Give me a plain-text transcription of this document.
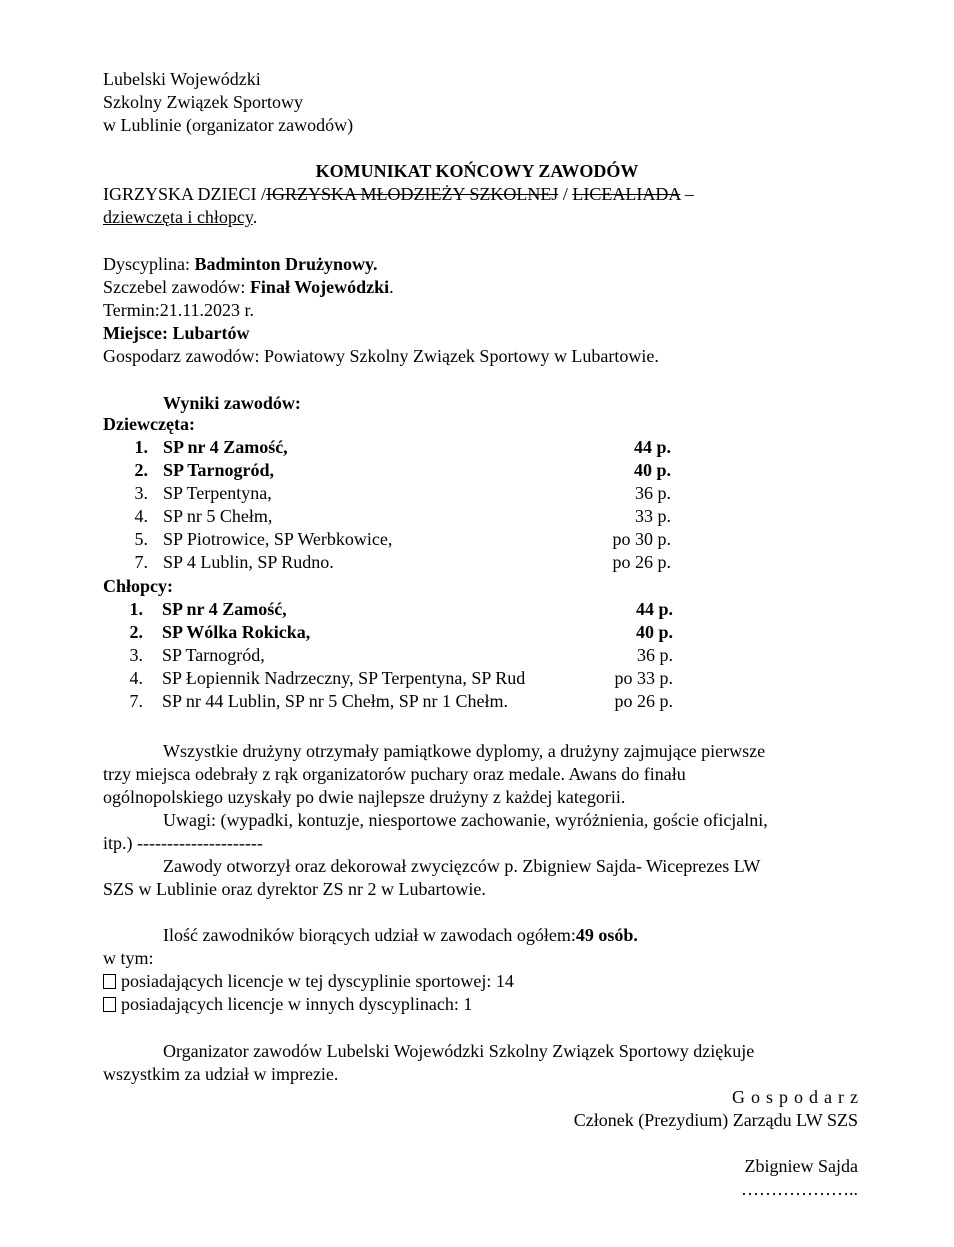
Lubelski Wojewódzki
Szkolny Związek Sportowy
w Lublinie (organizator zawodów)
KOMUNIKAT KOŃCOWY ZAWODÓW
IGRZYSKA DZIECI /IGRZYSKA MŁODZIEŻY SZKOLNEJ / LICEALIADA –
dziewczęta i chłopcy.
Dyscyplina: Badminton Drużynowy.
Szczebel zawodów: Finał Wojewódzki.
Termin:21.11.2023 r.
Miejsce: Lubartów
Gospodarz zawodów: Powiatowy Szkolny Związek Sportowy w Lubartowie.
Wyniki zawodów:
Dziewczęta:
1. SP nr 4 Zamość,	44 p.
2. SP Tarnogród,	40 p.
3. SP Terpentyna,	36 p.
4. SP nr 5 Chełm,	33 p.
5. SP Piotrowice, SP Werbkowice,	po 30 p.
7. SP 4 Lublin, SP Rudno.	po 26 p.
Chłopcy:
1. SP nr 4 Zamość,	44 p.
2. SP Wólka Rokicka,	40 p.
3. SP Tarnogród,	36 p.
4. SP Łopiennik Nadrzeczny, SP Terpentyna, SP Rud	po 33 p.
7. SP nr 44 Lublin, SP nr 5 Chełm, SP nr 1 Chełm.	po 26 p.
Wszystkie drużyny otrzymały pamiątkowe dyplomy, a drużyny zajmujące pierwsze
trzy miejsca odebrały z rąk organizatorów puchary oraz medale. Awans do finału
ogólnopolskiego uzyskały po dwie najlepsze drużyny z każdej kategorii.
Uwagi: (wypadki, kontuzje, niesportowe zachowanie, wyróżnienia, goście oficjalni,
itp.) ---------------------
Zawody otworzył oraz dekorował zwycięzców p. Zbigniew Sajda- Wiceprezes LW
SZS w Lublinie oraz dyrektor ZS nr 2 w Lubartowie.
Ilość zawodników biorących udział w zawodach ogółem:49 osób.
w tym:
posiadających licencje w tej dyscyplinie sportowej: 14
posiadających licencje w innych dyscyplinach: 1
Organizator zawodów Lubelski Wojewódzki Szkolny Związek Sportowy dziękuje
wszystkim za udział w imprezie.
Gospodarz
Członek (Prezydium) Zarządu LW SZS
Zbigniew Sajda
………………..
